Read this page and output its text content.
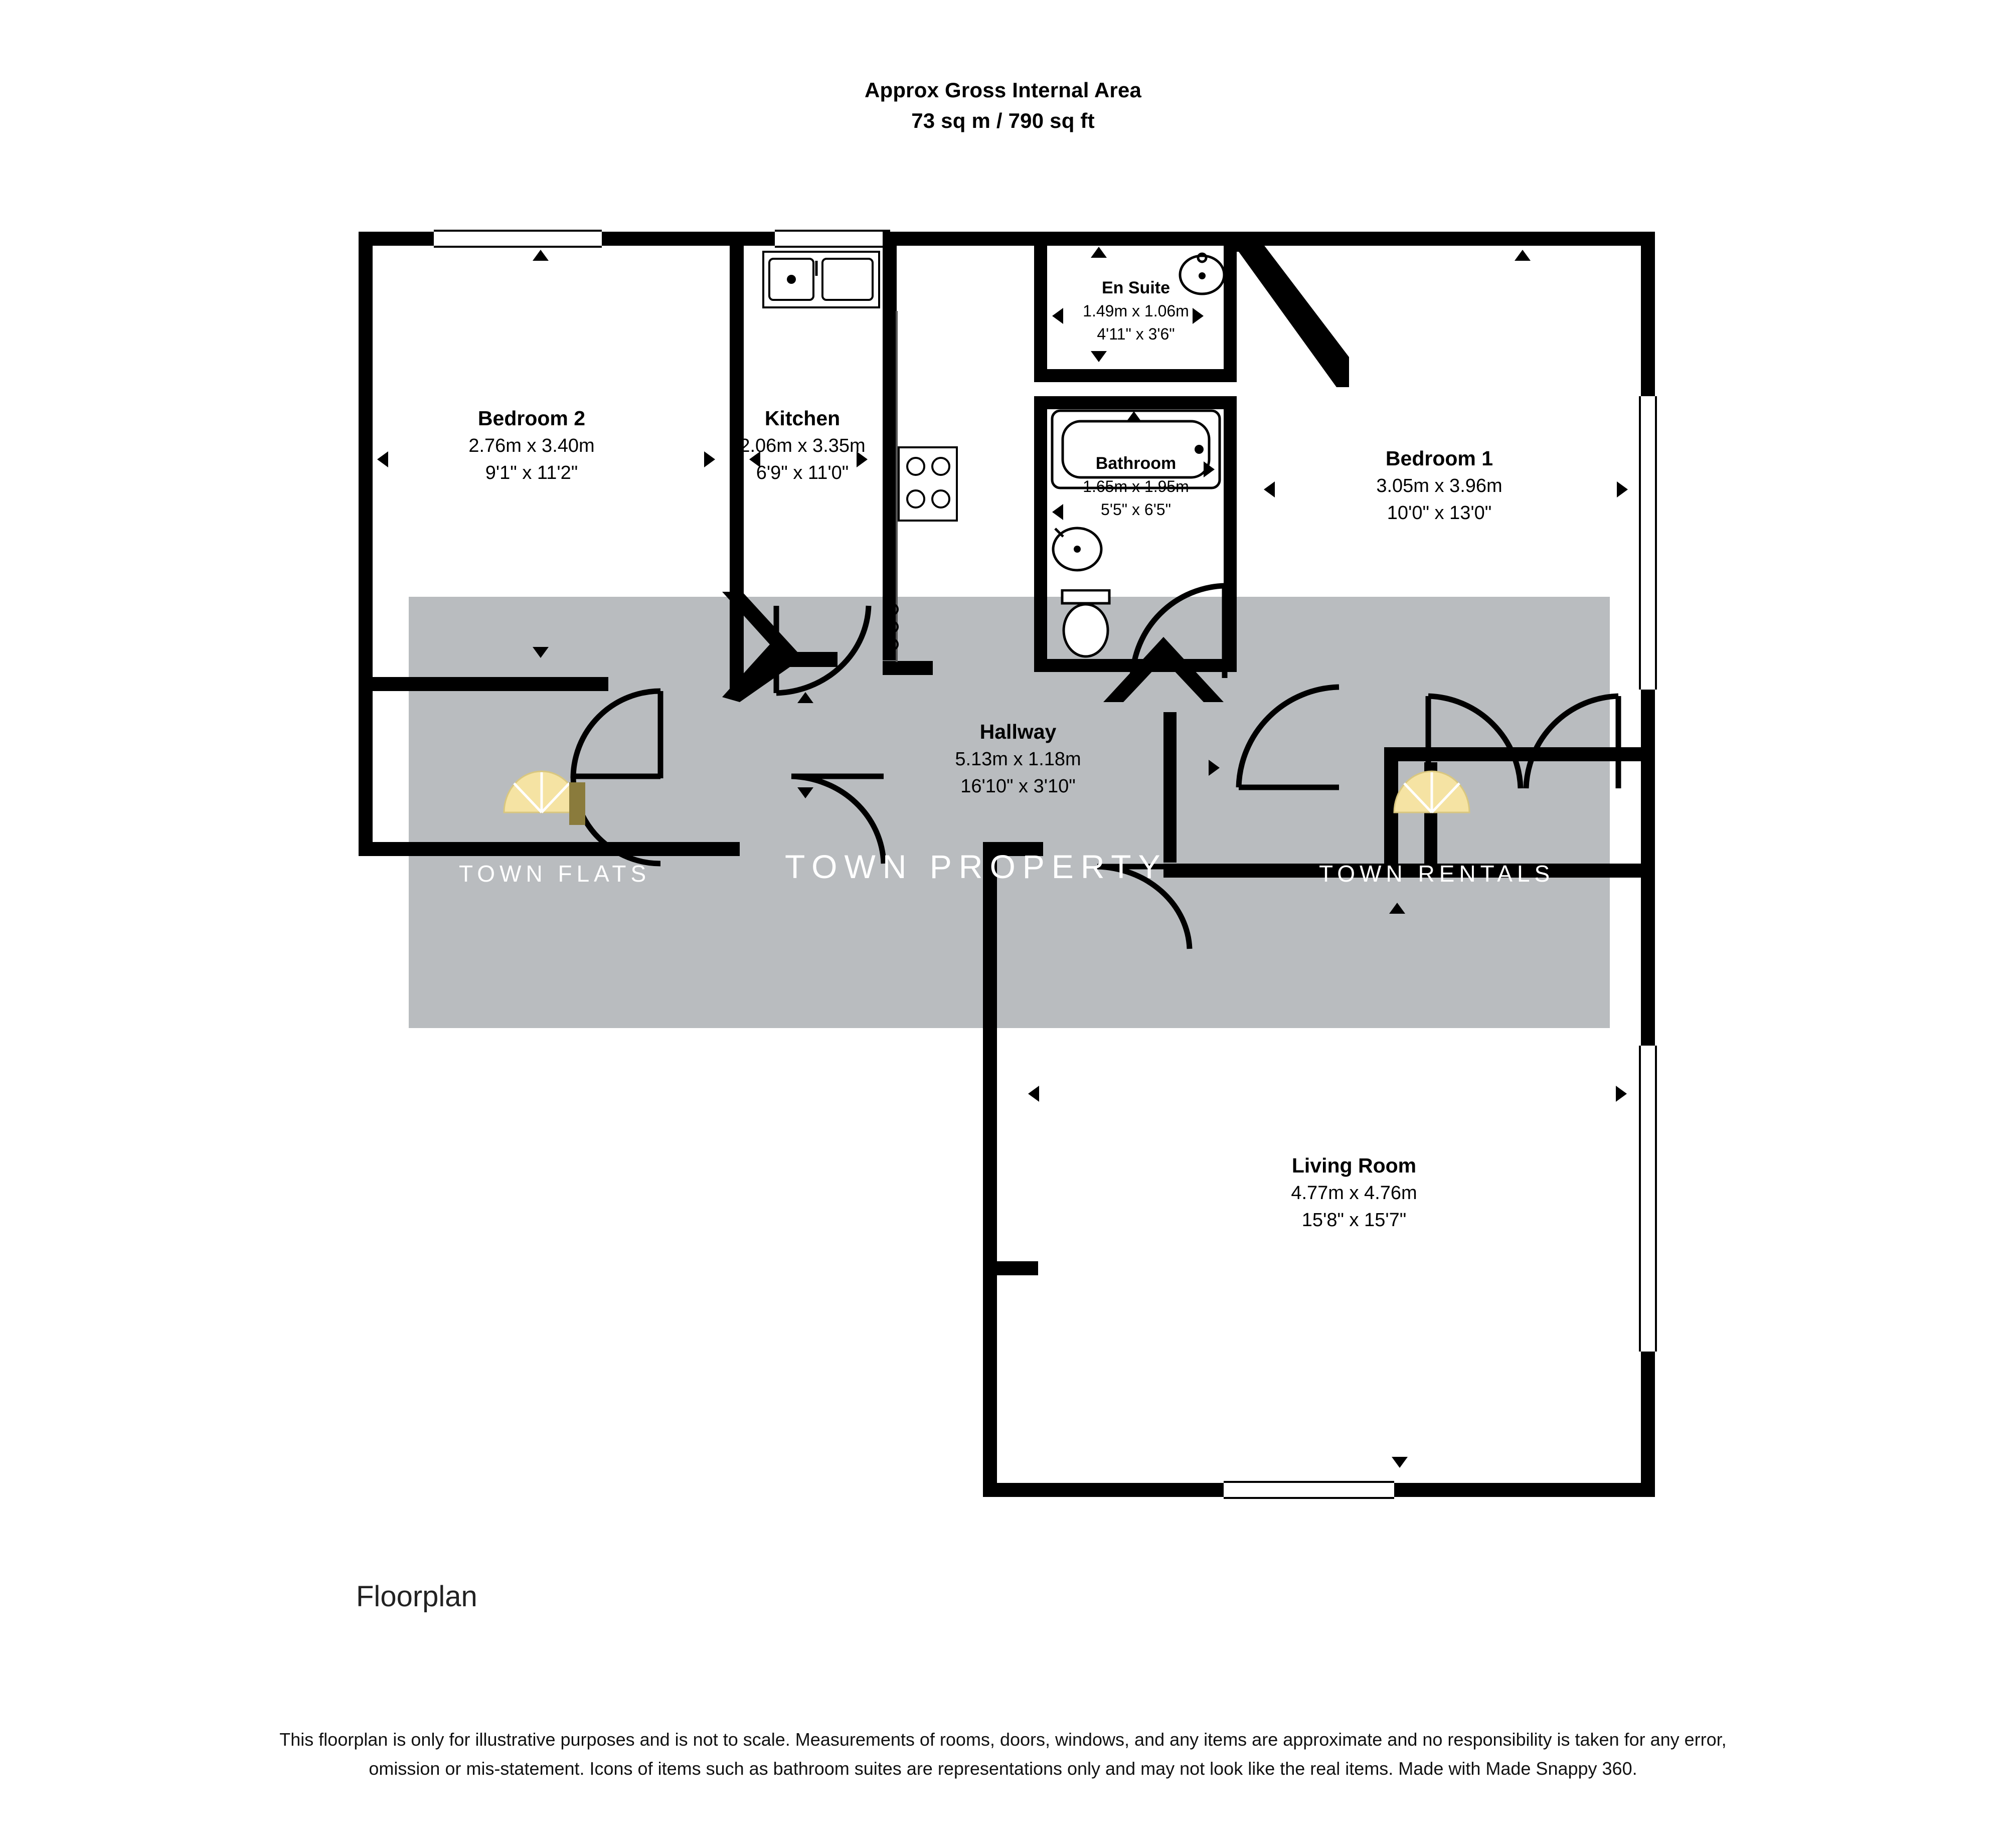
Approx Gross Internal Area
73 sq m / 790 sq ft
Bedroom 2
2.76m x 3.40m
9'1" x 11'2"
Kitchen
2.06m x 3.35m
6'9" x 11'0"
En Suite
1.49m x 1.06m
4'11" x 3'6"
Bathroom
1.65m x 1.95m
5'5" x 6'5"
Bedroom 1
3.05m x 3.96m
10'0" x 13'0"
Hallway
5.13m x 1.18m
16'10" x 3'10"
Living Room
4.77m x 4.76m
15'8" x 15'7"
TOWN FLATS	TOWN PROPERTY	TOWN RENTALS
Floorplan
This floorplan is only for illustrative purposes and is not to scale. Measurements of rooms, doors, windows, and any items are approximate and no responsibility is taken for any error, omission or mis-statement. Icons of items such as bathroom suites are representations only and may not look like the real items. Made with Made Snappy 360.
